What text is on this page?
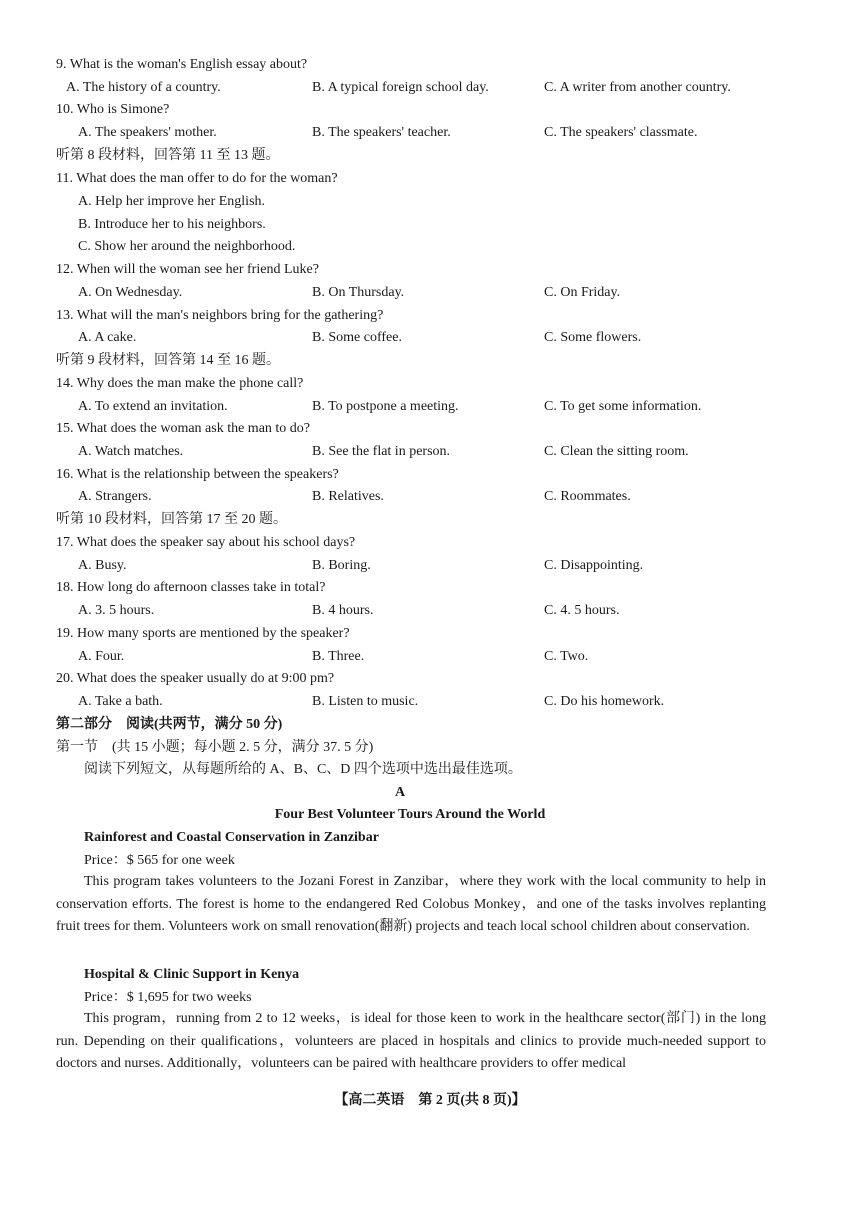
9. What is the woman's English essay about?
A. The history of a country.	B. A typical foreign school day.	C. A writer from another country.
10. Who is Simone?
A. The speakers' mother.	B. The speakers' teacher.	C. The speakers' classmate.
听第 8 段材料，回答第 11 至 13 题。
11. What does the man offer to do for the woman?
A. Help her improve her English.
B. Introduce her to his neighbors.
C. Show her around the neighborhood.
12. When will the woman see her friend Luke?
A. On Wednesday.	B. On Thursday.	C. On Friday.
13. What will the man's neighbors bring for the gathering?
A. A cake.	B. Some coffee.	C. Some flowers.
听第 9 段材料，回答第 14 至 16 题。
14. Why does the man make the phone call?
A. To extend an invitation.	B. To postpone a meeting.	C. To get some information.
15. What does the woman ask the man to do?
A. Watch matches.	B. See the flat in person.	C. Clean the sitting room.
16. What is the relationship between the speakers?
A. Strangers.	B. Relatives.	C. Roommates.
听第 10 段材料，回答第 17 至 20 题。
17. What does the speaker say about his school days?
A. Busy.	B. Boring.	C. Disappointing.
18. How long do afternoon classes take in total?
A. 3. 5 hours.	B. 4 hours.	C. 4. 5 hours.
19. How many sports are mentioned by the speaker?
A. Four.	B. Three.	C. Two.
20. What does the speaker usually do at 9:00 pm?
A. Take a bath.	B. Listen to music.	C. Do his homework.
第二部分　阅读(共两节，满分 50 分)
第一节　(共 15 小题；每小题 2. 5 分，满分 37. 5 分)
阅读下列短文，从每题所给的 A、B、C、D 四个选项中选出最佳选项。
A
Four Best Volunteer Tours Around the World
Rainforest and Coastal Conservation in Zanzibar
Price：$ 565 for one week

This program takes volunteers to the Jozani Forest in Zanzibar，where they work with the local community to help in conservation efforts. The forest is home to the endangered Red Colobus Monkey，and one of the tasks involves replanting fruit trees for them. Volunteers work on small renovation(翻新) projects and teach local school children about conservation.

Hospital & Clinic Support in Kenya
Price：$ 1,695 for two weeks

This program，running from 2 to 12 weeks，is ideal for those keen to work in the healthcare sector(部门) in the long run. Depending on their qualifications，volunteers are placed in hospitals and clinics to provide much-needed support to doctors and nurses. Additionally，volunteers can be paired with healthcare providers to offer medical

【高二英语　第 2 页(共 8 页)】
